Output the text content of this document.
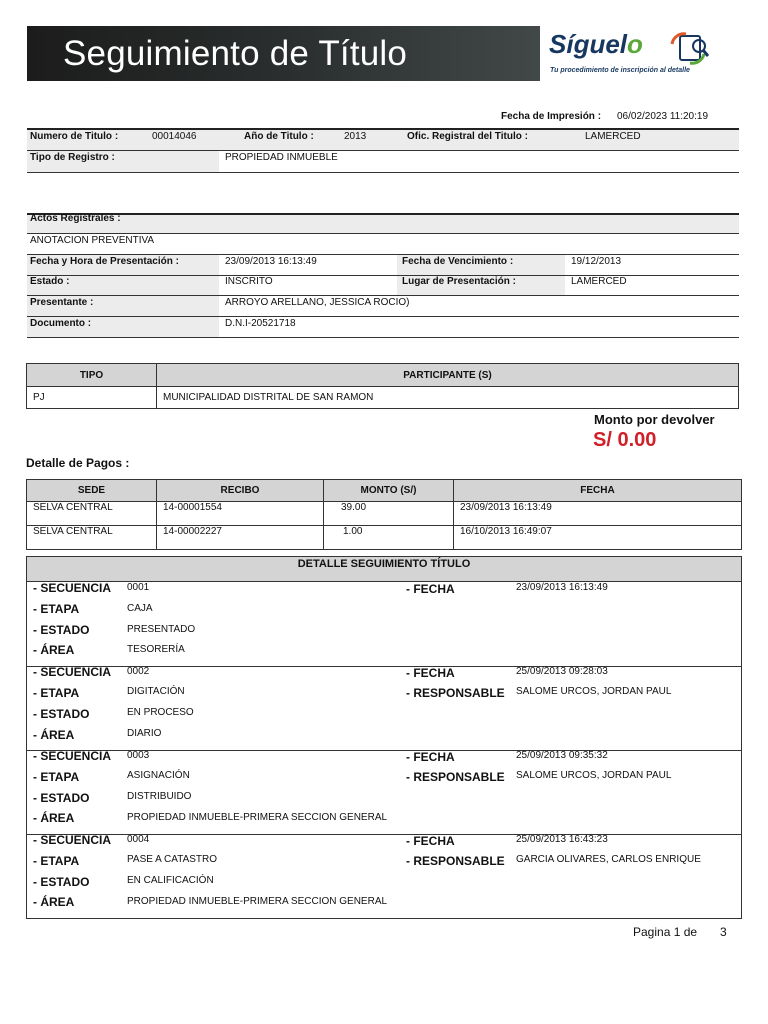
Seguimiento de Título	Síguelo
Tu procedimiento de inscripción al detalle
Fecha de Impresión : 06/02/2023 11:20:19
Numero de Titulo :	00014046	Año de Titulo :	2013	Ofic. Registral del Titulo :	LAMERCED
Tipo de Registro :	PROPIEDAD INMUEBLE
Actos Registrales :
ANOTACION PREVENTIVA
Fecha y Hora de Presentación :	23/09/2013 16:13:49	Fecha de Vencimiento :	19/12/2013
Estado :	INSCRITO	Lugar de Presentación :	LAMERCED
Presentante :	ARROYO ARELLANO, JESSICA ROCIO)
Documento :	D.N.I-20521718
TIPO	PARTICIPANTE (S)
PJ	MUNICIPALIDAD DISTRITAL DE SAN RAMON
Monto por devolver
S/ 0.00
Detalle de Pagos :
SEDE	RECIBO	MONTO (S/)	FECHA
SELVA CENTRAL	14-00001554	39.00	23/09/2013 16:13:49
SELVA CENTRAL	14-00002227	1.00	16/10/2013 16:49:07
DETALLE SEGUIMIENTO TÍTULO
- SECUENCIA 0001	- FECHA	23/09/2013 16:13:49
- ETAPA	CAJA
- ESTADO	PRESENTADO
- ÁREA	TESORERÍA
- SECUENCIA 0002	- FECHA	25/09/2013 09:28:03
- ETAPA	DIGITACIÓN	- RESPONSABLE SALOME URCOS, JORDAN PAUL
- ESTADO	EN PROCESO
- ÁREA	DIARIO
- SECUENCIA 0003	- FECHA	25/09/2013 09:35:32
- ETAPA	ASIGNACIÓN	- RESPONSABLE SALOME URCOS, JORDAN PAUL
- ESTADO	DISTRIBUIDO
- ÁREA	PROPIEDAD INMUEBLE-PRIMERA SECCION GENERAL
- SECUENCIA 0004	- FECHA	25/09/2013 16:43:23
- ETAPA	PASE A CATASTRO	- RESPONSABLE GARCIA OLIVARES, CARLOS ENRIQUE
- ESTADO	EN CALIFICACIÓN
- ÁREA	PROPIEDAD INMUEBLE-PRIMERA SECCION GENERAL
Pagina 1 de 3
